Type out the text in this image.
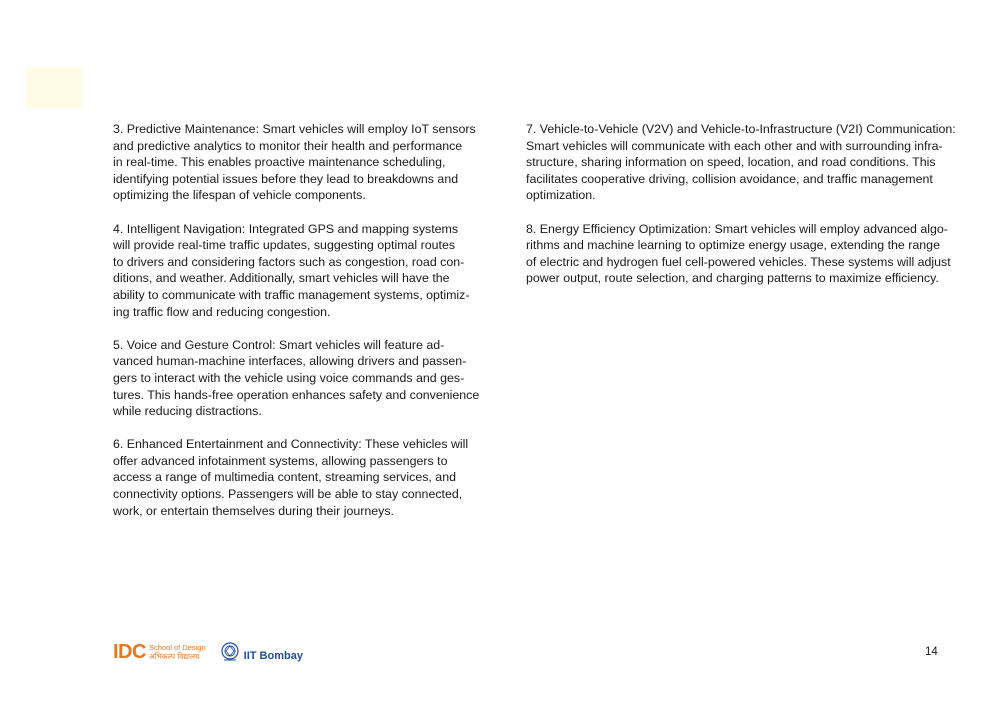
3. Predictive Maintenance: Smart vehicles will employ IoT sensors
and predictive analytics to monitor their health and performance
in real-time. This enables proactive maintenance scheduling,
identifying potential issues before they lead to breakdowns and
optimizing the lifespan of vehicle components.
4. Intelligent Navigation: Integrated GPS and mapping systems
will provide real-time traffic updates, suggesting optimal routes
to drivers and considering factors such as congestion, road con-
ditions, and weather. Additionally, smart vehicles will have the
ability to communicate with traffic management systems, optimiz-
ing traffic flow and reducing congestion.
5. Voice and Gesture Control: Smart vehicles will feature ad-
vanced human-machine interfaces, allowing drivers and passen-
gers to interact with the vehicle using voice commands and ges-
tures. This hands-free operation enhances safety and convenience
while reducing distractions.
6. Enhanced Entertainment and Connectivity: These vehicles will
offer advanced infotainment systems, allowing passengers to
access a range of multimedia content, streaming services, and
connectivity options. Passengers will be able to stay connected,
work, or entertain themselves during their journeys.
7. Vehicle-to-Vehicle (V2V) and Vehicle-to-Infrastructure (V2I) Communication:
Smart vehicles will communicate with each other and with surrounding infra-
structure, sharing information on speed, location, and road conditions. This
facilitates cooperative driving, collision avoidance, and traffic management
optimization.
8. Energy Efficiency Optimization: Smart vehicles will employ advanced algo-
rithms and machine learning to optimize energy usage, extending the range
of electric and hydrogen fuel cell-powered vehicles. These systems will adjust
power output, route selection, and charging patterns to maximize efficiency.
IDC School of Design
अभिकल्प विद्यालय	IIT Bombay	14
